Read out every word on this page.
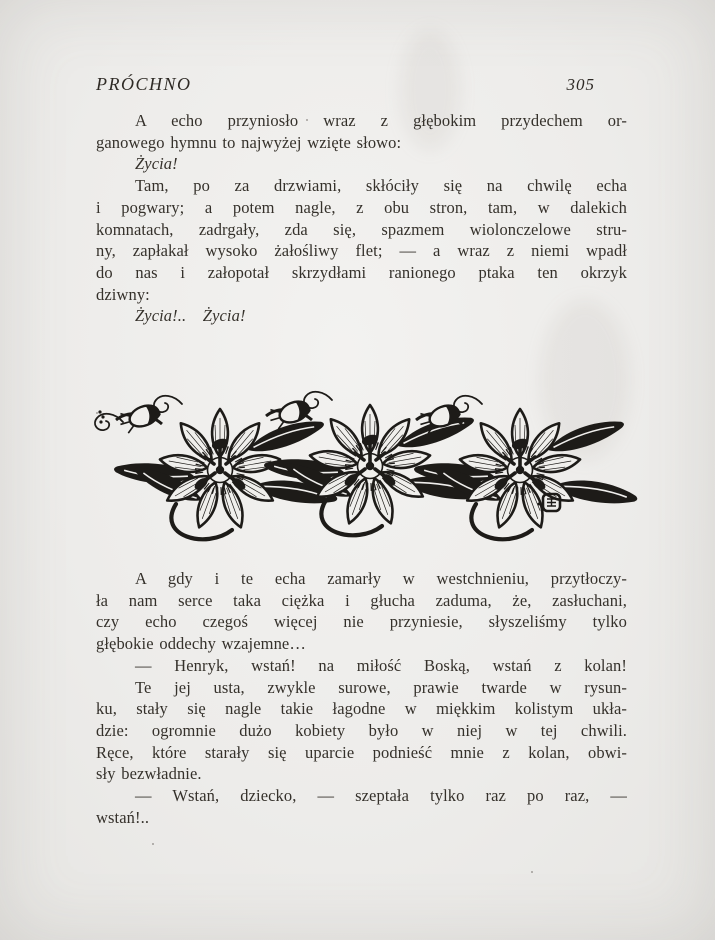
PRÓCHNO	305
A echo przyniosło wraz z głębokim przydechem or-
ganowego hymnu to najwyżej wzięte słowo:
Życia!
Tam, po za drzwiami, skłóciły się na chwilę echa
i pogwary; a potem nagle, z obu stron, tam, w dalekich
komnatach, zadrgały, zda się, spazmem wiolonczelowe stru-
ny, zapłakał wysoko żałośliwy flet; — a wraz z niemi wpadł
do nas i załopotał skrzydłami ranionego ptaka ten okrzyk
dziwny:
Życia!.. Życia!
A gdy i te echa zamarły w westchnieniu, przytłoczy-
ła nam serce taka ciężka i głucha zaduma, że, zasłuchani,
czy echo czegoś więcej nie przyniesie, słyszeliśmy tylko
głębokie oddechy wzajemne…
— Henryk, wstań! na miłość Boską, wstań z kolan!
Te jej usta, zwykle surowe, prawie twarde w rysun-
ku, stały się nagle takie łagodne w miękkim kolistym ukła-
dzie: ogromnie dużo kobiety było w niej w tej chwili.
Ręce, które starały się uparcie podnieść mnie z kolan, obwi-
sły bezwładnie.
— Wstań, dziecko, — szeptała tylko raz po raz, —
wstań!..
